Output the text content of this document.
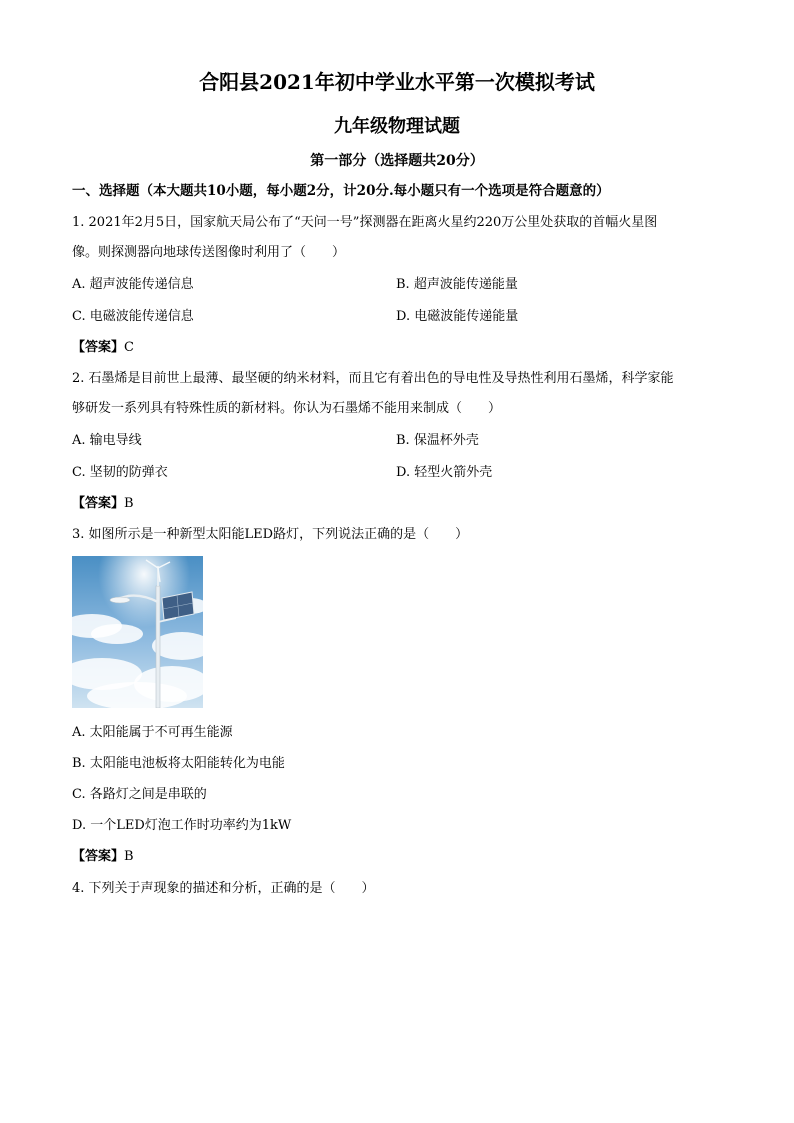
合阳县2021年初中学业水平第一次模拟考试
九年级物理试题
第一部分（选择题共20分）
一、选择题（本大题共10小题，每小题2分，计20分.每小题只有一个选项是符合题意的）
1. 2021年2月5日，国家航天局公布了“天问一号”探测器在距离火星约220万公里处获取的首幅火星图
像。则探测器向地球传送图像时利用了（　　）
A. 超声波能传递信息	B. 超声波能传递能量
C. 电磁波能传递信息	D. 电磁波能传递能量
【答案】C
2. 石墨烯是目前世上最薄、最坚硬的纳米材料，而且它有着出色的导电性及导热性利用石墨烯，科学家能
够研发一系列具有特殊性质的新材料。你认为石墨烯不能用来制成（　　）
A. 输电导线	B. 保温杯外壳
C. 坚韧的防弹衣	D. 轻型火箭外壳
【答案】B
3. 如图所示是一种新型太阳能LED路灯，下列说法正确的是（　　）
A. 太阳能属于不可再生能源
B. 太阳能电池板将太阳能转化为电能
C. 各路灯之间是串联的
D. 一个LED灯泡工作时功率约为1kW
【答案】B
4. 下列关于声现象的描述和分析，正确的是（　　）
